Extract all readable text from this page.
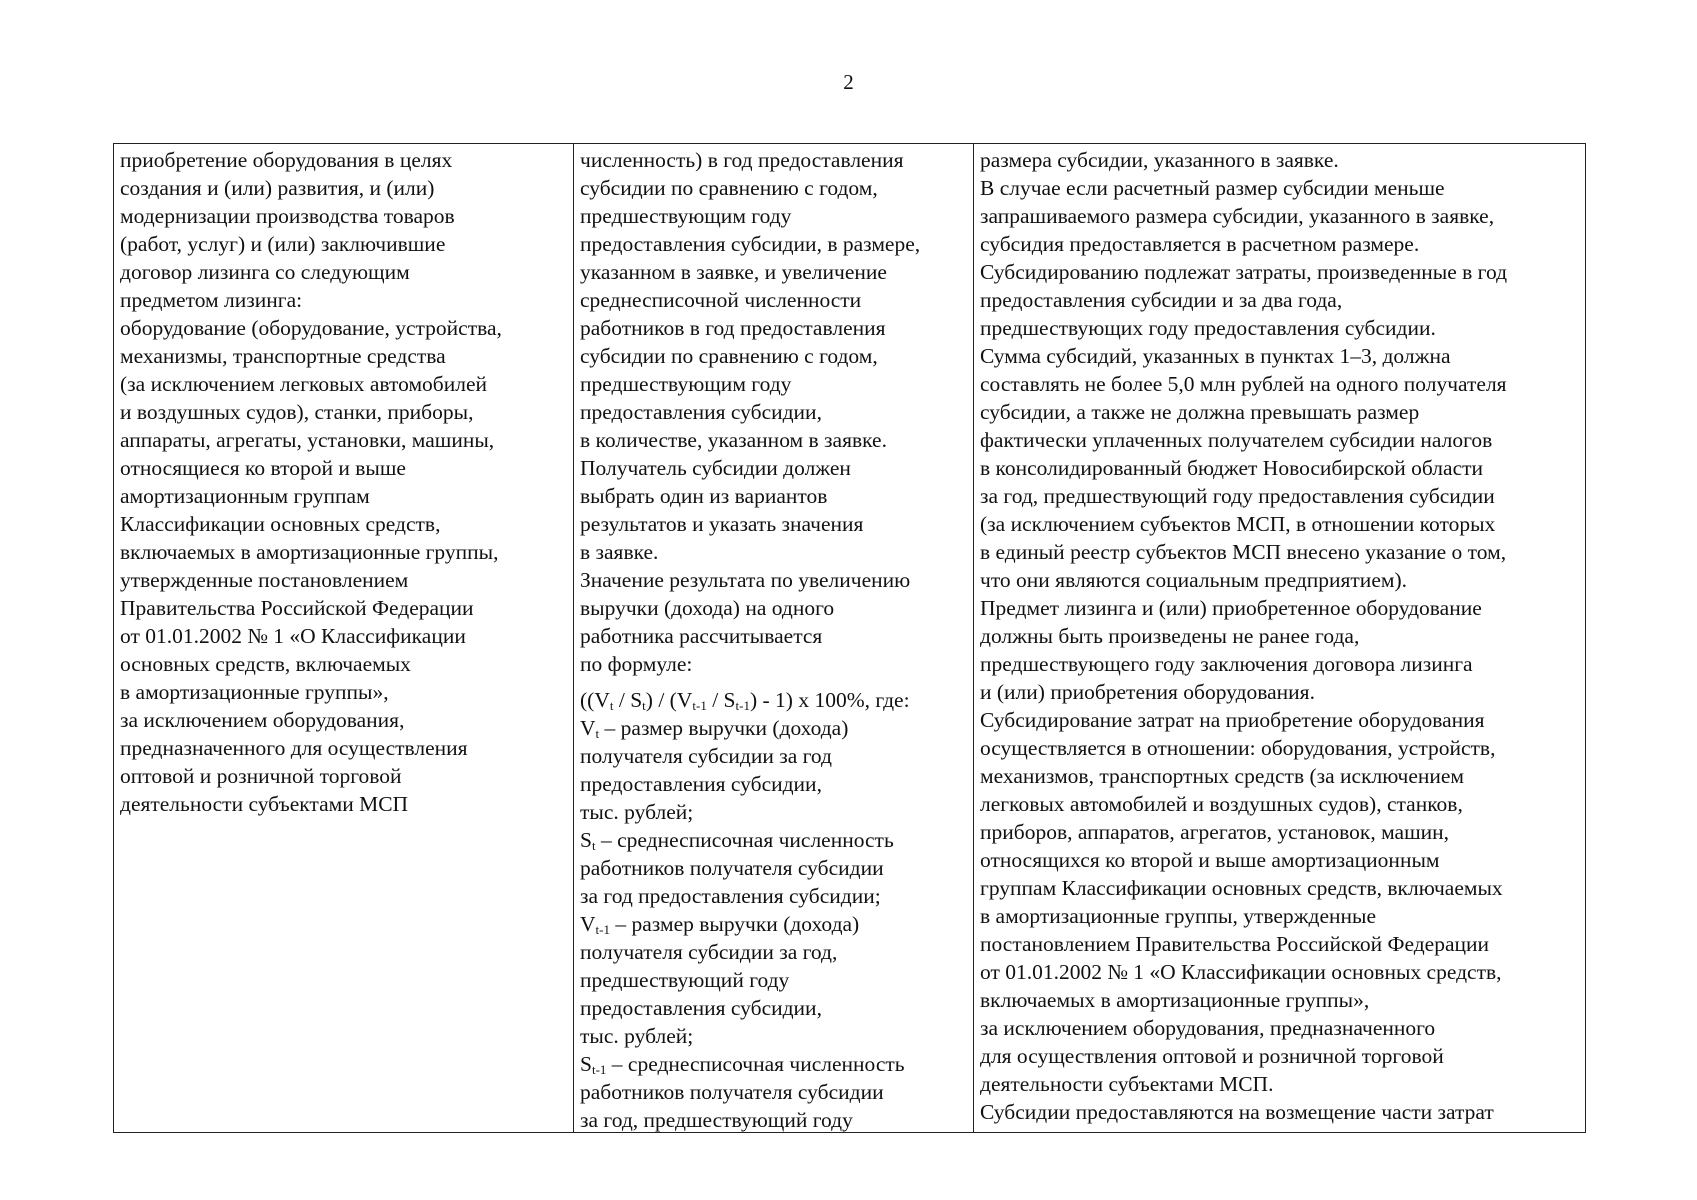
2
приобретение оборудования в целях
создания и (или) развития, и (или)
модернизации производства товаров
(работ, услуг) и (или) заключившие
договор лизинга со следующим
предметом лизинга:
оборудование (оборудование, устройства,
механизмы, транспортные средства
(за исключением легковых автомобилей
и воздушных судов), станки, приборы,
аппараты, агрегаты, установки, машины,
относящиеся ко второй и выше
амортизационным группам
Классификации основных средств,
включаемых в амортизационные группы,
утвержденные постановлением
Правительства Российской Федерации
от 01.01.2002 № 1 «О Классификации
основных средств, включаемых
в амортизационные группы»,
за исключением оборудования,
предназначенного для осуществления
оптовой и розничной торговой
деятельности субъектами МСП
численность) в год предоставления
субсидии по сравнению с годом,
предшествующим году
предоставления субсидии, в размере,
указанном в заявке, и увеличение
среднесписочной численности
работников в год предоставления
субсидии по сравнению с годом,
предшествующим году
предоставления субсидии,
в количестве, указанном в заявке.
Получатель субсидии должен
выбрать один из вариантов
результатов и указать значения
в заявке.
Значение результата по увеличению
выручки (дохода) на одного
работника рассчитывается
по формуле:
$((V_t / S_t) / (V_{t-1} / S_{t-1}) - 1)$ x 100%, где:
$V_t$ – размер выручки (дохода)
получателя субсидии за год
предоставления субсидии,
тыс. рублей;
$S_t$ – среднесписочная численность
работников получателя субсидии
за год предоставления субсидии;
$V_{t-1}$ – размер выручки (дохода)
получателя субсидии за год,
предшествующий году
предоставления субсидии,
тыс. рублей;
$S_{t-1}$ – среднесписочная численность
работников получателя субсидии
за год, предшествующий году
размера субсидии, указанного в заявке.
В случае если расчетный размер субсидии меньше
запрашиваемого размера субсидии, указанного в заявке,
субсидия предоставляется в расчетном размере.
Субсидированию подлежат затраты, произведенные в год
предоставления субсидии и за два года,
предшествующих году предоставления субсидии.
Сумма субсидий, указанных в пунктах 1–3, должна
составлять не более 5,0 млн рублей на одного получателя
субсидии, а также не должна превышать размер
фактически уплаченных получателем субсидии налогов
в консолидированный бюджет Новосибирской области
за год, предшествующий году предоставления субсидии
(за исключением субъектов МСП, в отношении которых
в единый реестр субъектов МСП внесено указание о том,
что они являются социальным предприятием).
Предмет лизинга и (или) приобретенное оборудование
должны быть произведены не ранее года,
предшествующего году заключения договора лизинга
и (или) приобретения оборудования.
Субсидирование затрат на приобретение оборудования
осуществляется в отношении: оборудования, устройств,
механизмов, транспортных средств (за исключением
легковых автомобилей и воздушных судов), станков,
приборов, аппаратов, агрегатов, установок, машин,
относящихся ко второй и выше амортизационным
группам Классификации основных средств, включаемых
в амортизационные группы, утвержденные
постановлением Правительства Российской Федерации
от 01.01.2002 № 1 «О Классификации основных средств,
включаемых в амортизационные группы»,
за исключением оборудования, предназначенного
для осуществления оптовой и розничной торговой
деятельности субъектами МСП.
Субсидии предоставляются на возмещение части затрат
